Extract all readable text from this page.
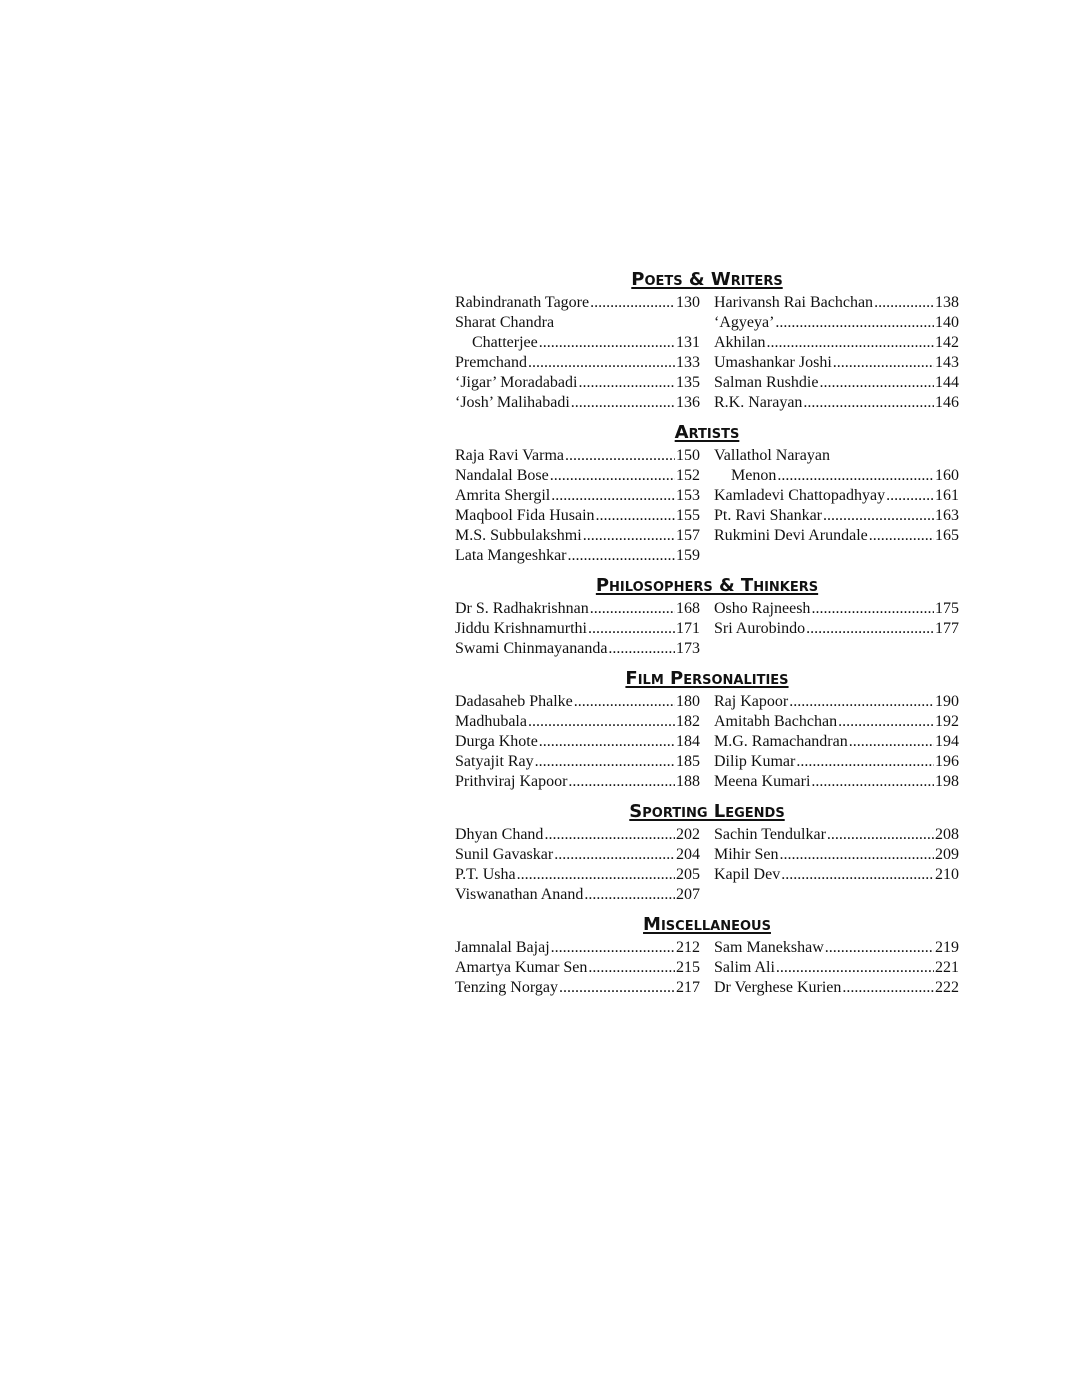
Poets & Writers
Rabindranath Tagore .....	130
Sharat Chandra
Chatterjee .....	131
Premchand .....	133
‘Jigar’ Moradabadi .....	135
‘Josh’ Malihabadi .....	136
Harivansh Rai Bachchan .....	138
‘Agyeya’ .....	140
Akhilan .....	142
Umashankar Joshi .....	143
Salman Rushdie .....	144
R.K. Narayan .....	146
Artists
Raja Ravi Varma .....	150
Nandalal Bose .....	152
Amrita Shergil .....	153
Maqbool Fida Husain .....	155
M.S. Subbulakshmi .....	157
Lata Mangeshkar .....	159
Vallathol Narayan
Menon .....	160
Kamladevi Chattopadhyay .....	161
Pt. Ravi Shankar .....	163
Rukmini Devi Arundale .....	165
Philosophers & Thinkers
Dr S. Radhakrishnan .....	168
Jiddu Krishnamurthi .....	171
Swami Chinmayananda .....	173
Osho Rajneesh .....	175
Sri Aurobindo .....	177
Film Personalities
Dadasaheb Phalke .....	180
Madhubala .....	182
Durga Khote .....	184
Satyajit Ray .....	185
Prithviraj Kapoor .....	188
Raj Kapoor .....	190
Amitabh Bachchan .....	192
M.G. Ramachandran .....	194
Dilip Kumar .....	196
Meena Kumari .....	198
Sporting Legends
Dhyan Chand .....	202
Sunil Gavaskar .....	204
P.T. Usha .....	205
Viswanathan Anand .....	207
Sachin Tendulkar .....	208
Mihir Sen .....	209
Kapil Dev .....	210
Miscellaneous
Jamnalal Bajaj .....	212
Amartya Kumar Sen .....	215
Tenzing Norgay .....	217
Sam Manekshaw .....	219
Salim Ali .....	221
Dr Verghese Kurien .....	222
